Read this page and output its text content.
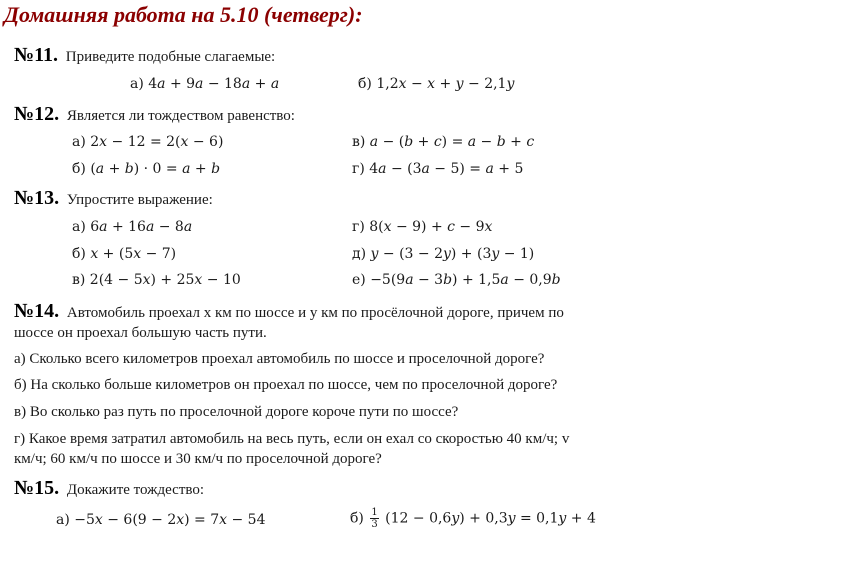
Домашняя работа на 5.10 (четверг):
№11. Приведите подобные слагаемые:
а) 4𝑎 + 9𝑎 − 18𝑎 + 𝑎	б) 1,2𝑥 − 𝑥 + 𝑦 − 2,1𝑦
№12. Является ли тождеством равенство:
а) 2𝑥 − 12 = 2(𝑥 − 6)	в) 𝑎 − (𝑏 + 𝑐) = 𝑎 − 𝑏 + 𝑐
б) (𝑎 + 𝑏) · 0 = 𝑎 + 𝑏	г) 4𝑎 − (3𝑎 − 5) = 𝑎 + 5
№13. Упростите выражение:
а) 6𝑎 + 16𝑎 − 8𝑎	г) 8(𝑥 − 9) + 𝑐 − 9𝑥
б) 𝑥 + (5𝑥 − 7)	д) 𝑦 − (3 − 2𝑦) + (3𝑦 − 1)
в) 2(4 − 5𝑥) + 25𝑥 − 10	е) −5(9𝑎 − 3𝑏) + 1,5𝑎 − 0,9𝑏
№14. Автомобиль проехал x км по шоссе и y км по просёлочной дороге, причем по
шоссе он проехал большую часть пути.
а) Сколько всего километров проехал автомобиль по шоссе и проселочной дороге?
б) На сколько больше километров он проехал по шоссе, чем по проселочной дороге?
в) Во сколько раз путь по проселочной дороге короче пути по шоссе?
г) Какое время затратил автомобиль на весь путь, если он ехал со скоростью 40 км/ч; v
км/ч; 60 км/ч по шоссе и 30 км/ч по проселочной дороге?
№15. Докажите тождество:
а) −5𝑥 − 6(9 − 2𝑥) = 7𝑥 − 54	$б) \frac{1}{3} (12$ − 0,6𝑦) + 0,3𝑦 = 0,1𝑦 + 4
